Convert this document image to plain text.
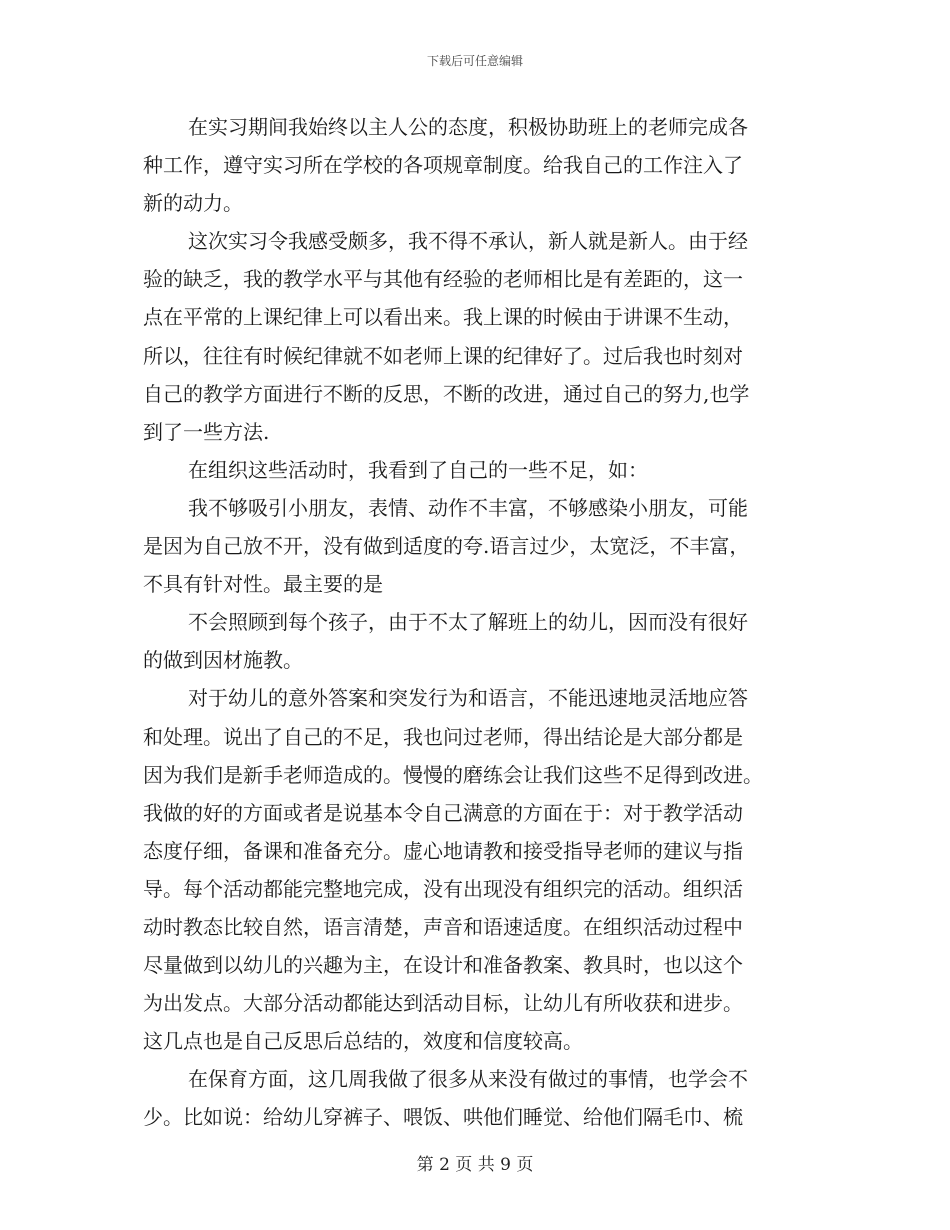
下载后可任意编辑
在实习期间我始终以主人公的态度，积极协助班上的老师完成各
种工作，遵守实习所在学校的各项规章制度。给我自己的工作注入了
新的动力。
这次实习令我感受颇多，我不得不承认，新人就是新人。由于经
验的缺乏，我的教学水平与其他有经验的老师相比是有差距的，这一
点在平常的上课纪律上可以看出来。我上课的时候由于讲课不生动，
所以，往往有时候纪律就不如老师上课的纪律好了。过后我也时刻对
自己的教学方面进行不断的反思，不断的改进，通过自己的努力,也学
到了一些方法.
在组织这些活动时，我看到了自己的一些不足，如：
我不够吸引小朋友，表情、动作不丰富，不够感染小朋友，可能
是因为自己放不开，没有做到适度的夸.语言过少，太宽泛，不丰富，
不具有针对性。最主要的是
不会照顾到每个孩子，由于不太了解班上的幼儿，因而没有很好
的做到因材施教。
对于幼儿的意外答案和突发行为和语言，不能迅速地灵活地应答
和处理。说出了自己的不足，我也问过老师，得出结论是大部分都是
因为我们是新手老师造成的。慢慢的磨练会让我们这些不足得到改进。
我做的好的方面或者是说基本令自己满意的方面在于：对于教学活动
态度仔细，备课和准备充分。虚心地请教和接受指导老师的建议与指
导。每个活动都能完整地完成，没有出现没有组织完的活动。组织活
动时教态比较自然，语言清楚，声音和语速适度。在组织活动过程中
尽量做到以幼儿的兴趣为主，在设计和准备教案、教具时，也以这个
为出发点。大部分活动都能达到活动目标，让幼儿有所收获和进步。
这几点也是自己反思后总结的，效度和信度较高。
在保育方面，这几周我做了很多从来没有做过的事情，也学会不
少。比如说：给幼儿穿裤子、喂饭、哄他们睡觉、给他们隔毛巾、梳
第 2 页 共 9 页
